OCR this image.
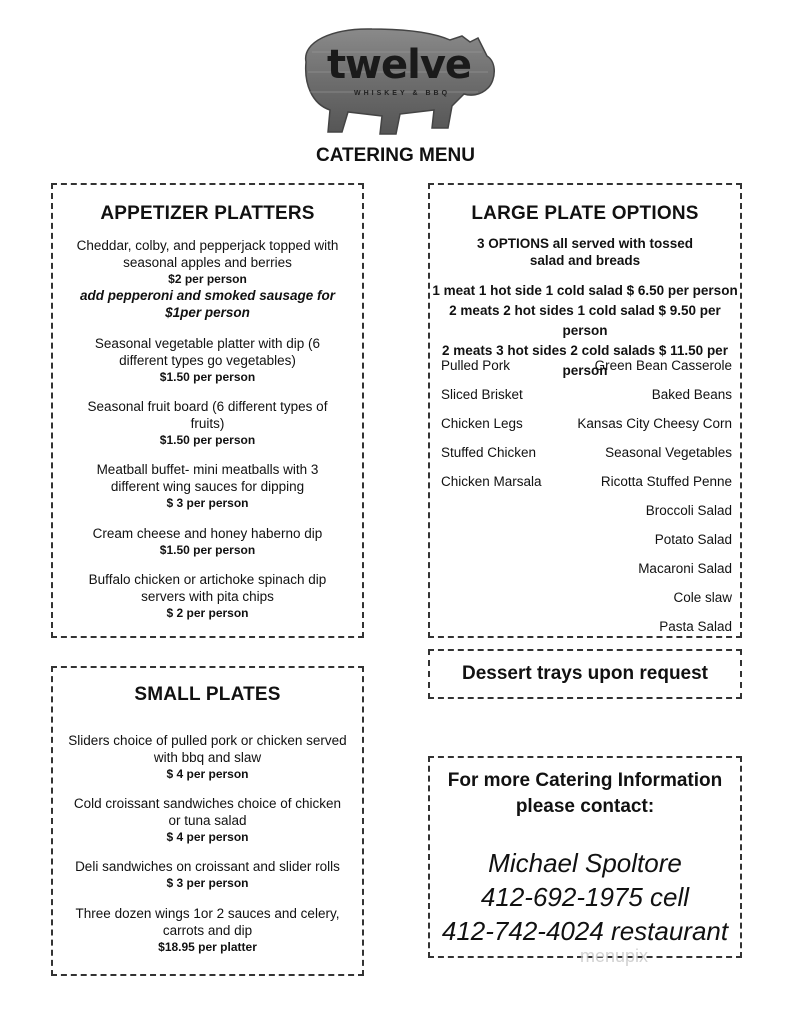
twelve
WHISKEY & BBQ
CATERING MENU
APPETIZER PLATTERS
Cheddar, colby, and pepperjack topped with seasonal apples and berries
$2 per person
add pepperoni and smoked sausage for $1per person
Seasonal vegetable platter with dip (6 different types go vegetables)
$1.50 per person
Seasonal fruit board (6 different types of fruits)
$1.50 per person
Meatball buffet- mini meatballs with 3 different wing sauces for dipping
$ 3 per person
Cream cheese and honey haberno dip
$1.50 per person
Buffalo chicken or artichoke spinach dip servers with pita chips
$ 2 per person
LARGE PLATE OPTIONS
3 OPTIONS all served with tossed salad and breads
1 meat 1 hot side 1 cold salad $ 6.50 per person
2 meats 2 hot sides 1 cold salad $ 9.50 per person
2 meats 3 hot sides 2 cold salads $ 11.50 per person
Pulled Pork
Sliced Brisket
Chicken Legs
Stuffed Chicken
Chicken Marsala
Green Bean Casserole
Baked Beans
Kansas City Cheesy Corn
Seasonal Vegetables
Ricotta Stuffed Penne
Broccoli Salad
Potato Salad
Macaroni Salad
Cole slaw
Pasta Salad
Dessert trays upon request
SMALL PLATES
Sliders choice of pulled pork or chicken served with bbq and slaw
$ 4 per person
Cold croissant sandwiches choice of chicken or tuna salad
$ 4 per person
Deli sandwiches on croissant and slider rolls
$ 3 per person
Three dozen wings 1or 2 sauces and celery, carrots and dip
$18.95 per platter
For more Catering Information please contact:
Michael Spoltore
412-692-1975 cell
412-742-4024 restaurant
menupix
